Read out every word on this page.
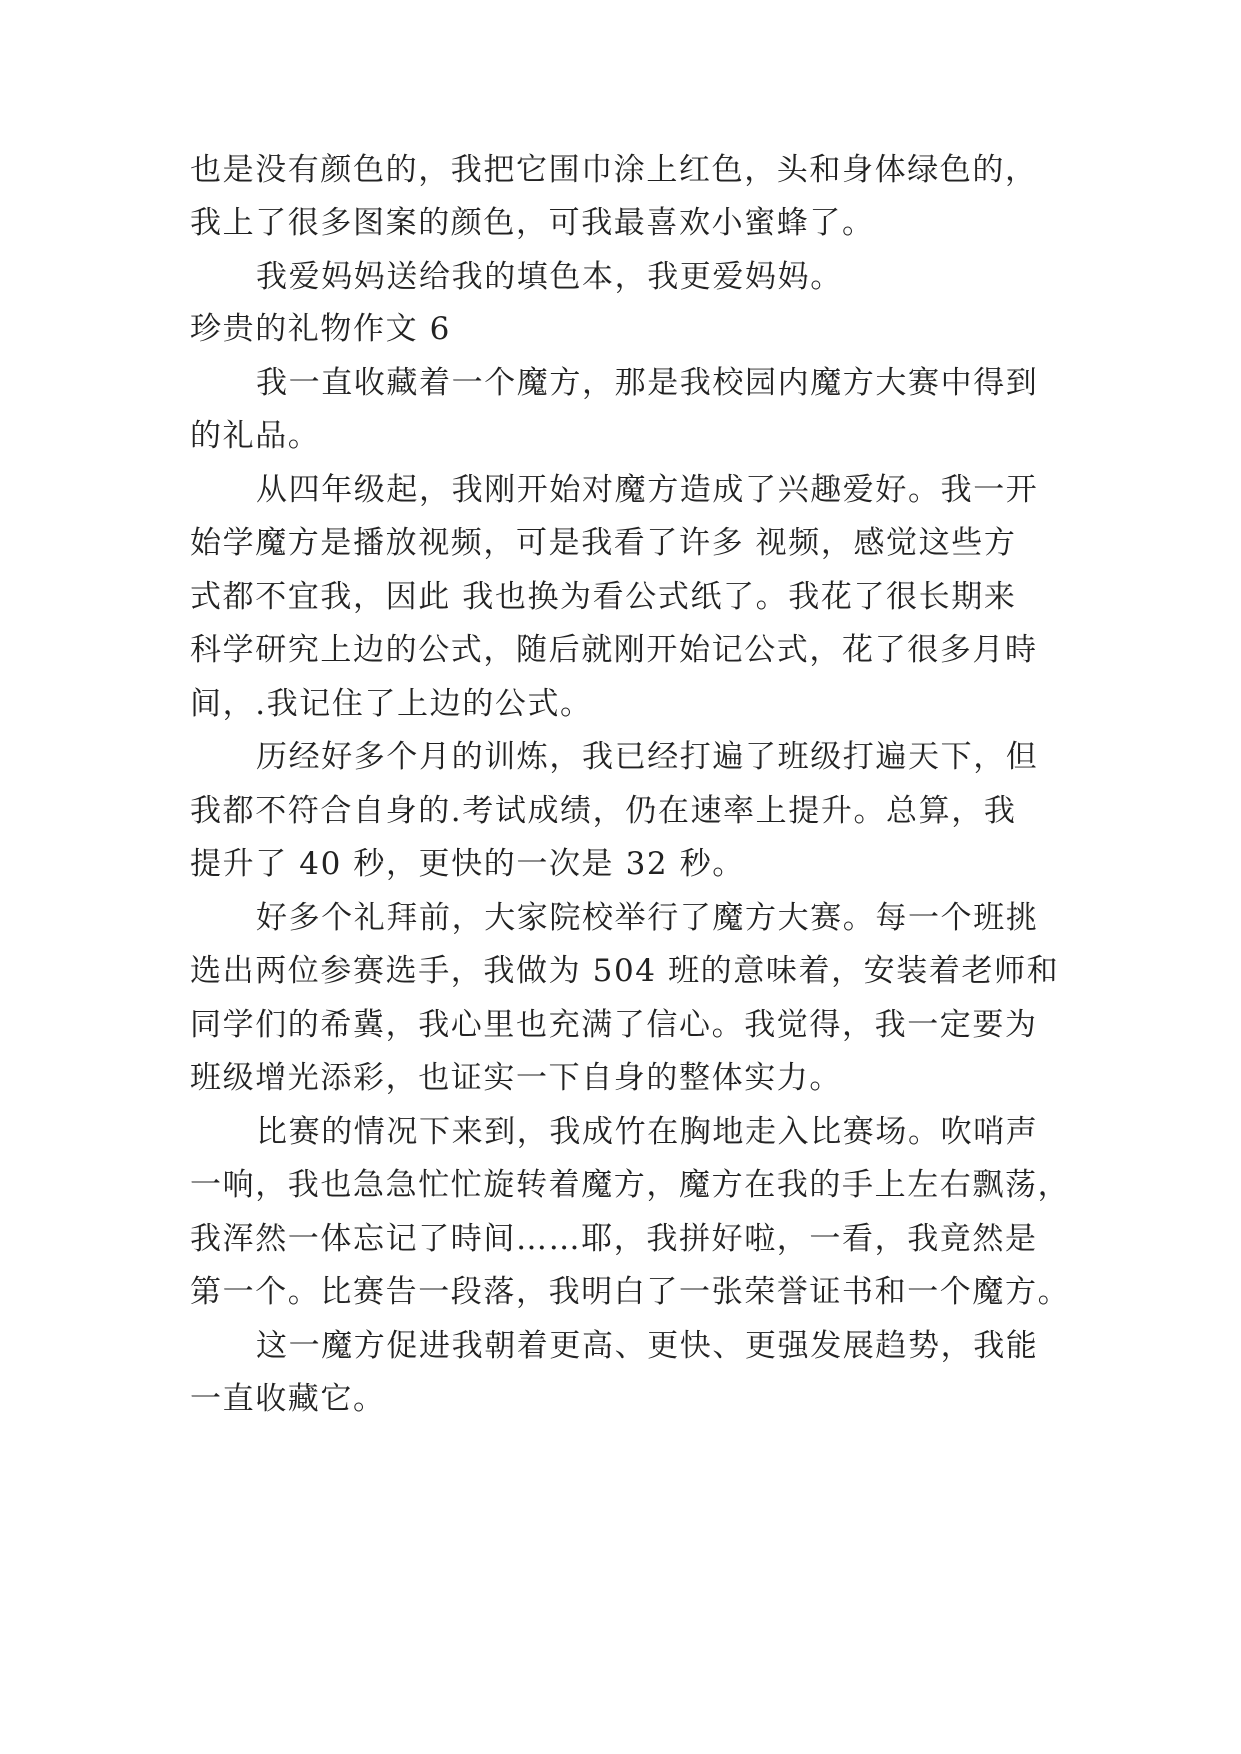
也是没有颜色的，我把它围巾涂上红色，头和身体绿色的，
我上了很多图案的颜色，可我最喜欢小蜜蜂了。
我爱妈妈送给我的填色本，我更爱妈妈。
珍贵的礼物作文 6
我一直收藏着一个魔方，那是我校园内魔方大赛中得到
的礼品。
从四年级起，我刚开始对魔方造成了兴趣爱好。我一开
始学魔方是播放视频，可是我看了许多 视频，感觉这些方
式都不宜我，因此 我也换为看公式纸了。我花了很长期来
科学研究上边的公式，随后就刚开始记公式，花了很多月時
间，.我记住了上边的公式。
历经好多个月的训炼，我已经打遍了班级打遍天下，但
我都不符合自身的.考试成绩，仍在速率上提升。总算，我
提升了 40 秒，更快的一次是 32 秒。
好多个礼拜前，大家院校举行了魔方大赛。每一个班挑
选出两位参赛选手，我做为 504 班的意味着，安装着老师和
同学们的希冀，我心里也充满了信心。我觉得，我一定要为
班级增光添彩，也证实一下自身的整体实力。
比赛的情况下来到，我成竹在胸地走入比赛场。吹哨声
一响，我也急急忙忙旋转着魔方，魔方在我的手上左右飘荡，
我浑然一体忘记了時间……耶，我拼好啦，一看，我竟然是
第一个。比赛告一段落，我明白了一张荣誉证书和一个魔方。
这一魔方促进我朝着更高、更快、更强发展趋势，我能
一直收藏它。
